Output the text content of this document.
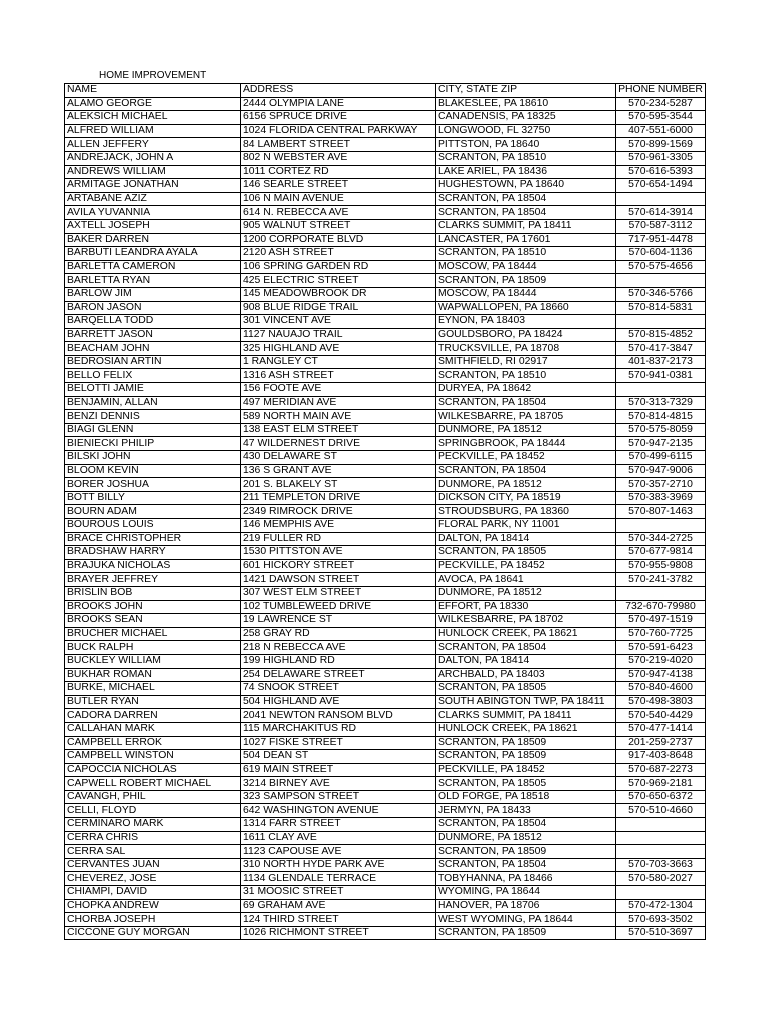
HOME IMPROVEMENT
NAME	ADDRESS	CITY, STATE ZIP	PHONE NUMBER
ALAMO GEORGE	2444 OLYMPIA LANE	BLAKESLEE, PA 18610	570-234-5287
ALEKSICH MICHAEL	6156 SPRUCE DRIVE	CANADENSIS, PA 18325	570-595-3544
ALFRED WILLIAM	1024 FLORIDA CENTRAL PARKWAY	LONGWOOD, FL 32750	407-551-6000
ALLEN JEFFERY	84 LAMBERT STREET	PITTSTON, PA 18640	570-899-1569
ANDREJACK, JOHN A	802 N WEBSTER AVE	SCRANTON, PA 18510	570-961-3305
ANDREWS WILLIAM	1011 CORTEZ RD	LAKE ARIEL, PA 18436	570-616-5393
ARMITAGE JONATHAN	146 SEARLE STREET	HUGHESTOWN, PA 18640	570-654-1494
ARTABANE AZIZ	106 N MAIN AVENUE	SCRANTON, PA 18504	
AVILA YUVANNIA	614 N. REBECCA AVE	SCRANTON, PA 18504	570-614-3914
AXTELL JOSEPH	905 WALNUT STREET	CLARKS SUMMIT, PA 18411	570-587-3112
BAKER DARREN	1200 CORPORATE BLVD	LANCASTER, PA 17601	717-951-4478
BARBUTI LEANDRA AYALA	2120 ASH STREET	SCRANTON, PA 18510	570-604-1136
BARLETTA CAMERON	106 SPRING GARDEN RD	MOSCOW, PA 18444	570-575-4656
BARLETTA RYAN	425 ELECTRIC STREET	SCRANTON, PA 18509	
BARLOW JIM	145 MEADOWBROOK DR	MOSCOW, PA 18444	570-346-5766
BARON JASON	908 BLUE RIDGE TRAIL	WAPWALLOPEN, PA 18660	570-814-5831
BARQELLA TODD	301 VINCENT AVE	EYNON, PA 18403	
BARRETT JASON	1127 NAUAJO TRAIL	GOULDSBORO, PA 18424	570-815-4852
BEACHAM JOHN	325 HIGHLAND AVE	TRUCKSVILLE, PA 18708	570-417-3847
BEDROSIAN ARTIN	1 RANGLEY CT	SMITHFIELD, RI 02917	401-837-2173
BELLO FELIX	1316 ASH STREET	SCRANTON, PA 18510	570-941-0381
BELOTTI JAMIE	156 FOOTE AVE	DURYEA, PA 18642	
BENJAMIN, ALLAN	497 MERIDIAN AVE	SCRANTON, PA 18504	570-313-7329
BENZI DENNIS	589 NORTH MAIN AVE	WILKESBARRE, PA 18705	570-814-4815
BIAGI GLENN	138 EAST ELM STREET	DUNMORE, PA 18512	570-575-8059
BIENIECKI PHILIP	47 WILDERNEST DRIVE	SPRINGBROOK, PA 18444	570-947-2135
BILSKI JOHN	430 DELAWARE ST	PECKVILLE, PA 18452	570-499-6115
BLOOM KEVIN	136 S GRANT AVE	SCRANTON, PA 18504	570-947-9006
BORER JOSHUA	201 S. BLAKELY ST	DUNMORE, PA 18512	570-357-2710
BOTT BILLY	211 TEMPLETON DRIVE	DICKSON CITY, PA 18519	570-383-3969
BOURN ADAM	2349 RIMROCK DRIVE	STROUDSBURG, PA 18360	570-807-1463
BOUROUS LOUIS	146 MEMPHIS AVE	FLORAL PARK, NY 11001	
BRACE CHRISTOPHER	219 FULLER RD	DALTON, PA 18414	570-344-2725
BRADSHAW HARRY	1530 PITTSTON AVE	SCRANTON, PA 18505	570-677-9814
BRAJUKA NICHOLAS	601 HICKORY STREET	PECKVILLE, PA 18452	570-955-9808
BRAYER JEFFREY	1421 DAWSON STREET	AVOCA, PA 18641	570-241-3782
BRISLIN BOB	307 WEST ELM STREET	DUNMORE, PA 18512	
BROOKS JOHN	102 TUMBLEWEED DRIVE	EFFORT, PA 18330	732-670-79980
BROOKS SEAN	19 LAWRENCE ST	WILKESBARRE, PA 18702	570-497-1519
BRUCHER MICHAEL	258 GRAY RD	HUNLOCK CREEK, PA 18621	570-760-7725
BUCK RALPH	218 N REBECCA AVE	SCRANTON, PA 18504	570-591-6423
BUCKLEY WILLIAM	199 HIGHLAND RD	DALTON, PA 18414	570-219-4020
BUKHAR ROMAN	254 DELAWARE STREET	ARCHBALD, PA 18403	570-947-4138
BURKE, MICHAEL	74 SNOOK STREET	SCRANTON, PA 18505	570-840-4600
BUTLER RYAN	504 HIGHLAND AVE	SOUTH ABINGTON TWP, PA 18411	570-498-3803
CADORA DARREN	2041 NEWTON RANSOM BLVD	CLARKS SUMMIT, PA 18411	570-540-4429
CALLAHAN MARK	115 MARCHAKITUS RD	HUNLOCK CREEK, PA 18621	570-477-1414
CAMPBELL ERROK	1027 FISKE STREET	SCRANTON, PA 18509	201-259-2737
CAMPBELL WINSTON	504 DEAN ST	SCRANTON, PA 18509	917-403-8648
CAPOCCIA NICHOLAS	619 MAIN STREET	PECKVILLE, PA 18452	570-687-2273
CAPWELL ROBERT MICHAEL	3214 BIRNEY AVE	SCRANTON, PA 18505	570-969-2181
CAVANGH, PHIL	323 SAMPSON STREET	OLD FORGE, PA 18518	570-650-6372
CELLI, FLOYD	642 WASHINGTON AVENUE	JERMYN, PA 18433	570-510-4660
CERMINARO MARK	1314 FARR STREET	SCRANTON, PA 18504	
CERRA CHRIS	1611 CLAY AVE	DUNMORE, PA 18512	
CERRA SAL	1123 CAPOUSE AVE	SCRANTON, PA 18509	
CERVANTES JUAN	310 NORTH HYDE PARK AVE	SCRANTON, PA 18504	570-703-3663
CHEVEREZ, JOSE	1134 GLENDALE TERRACE	TOBYHANNA, PA 18466	570-580-2027
CHIAMPI, DAVID	31 MOOSIC STREET	WYOMING, PA 18644	
CHOPKA ANDREW	69 GRAHAM AVE	HANOVER, PA 18706	570-472-1304
CHORBA JOSEPH	124 THIRD STREET	WEST WYOMING, PA 18644	570-693-3502
CICCONE GUY MORGAN	1026 RICHMONT STREET	SCRANTON, PA 18509	570-510-3697
